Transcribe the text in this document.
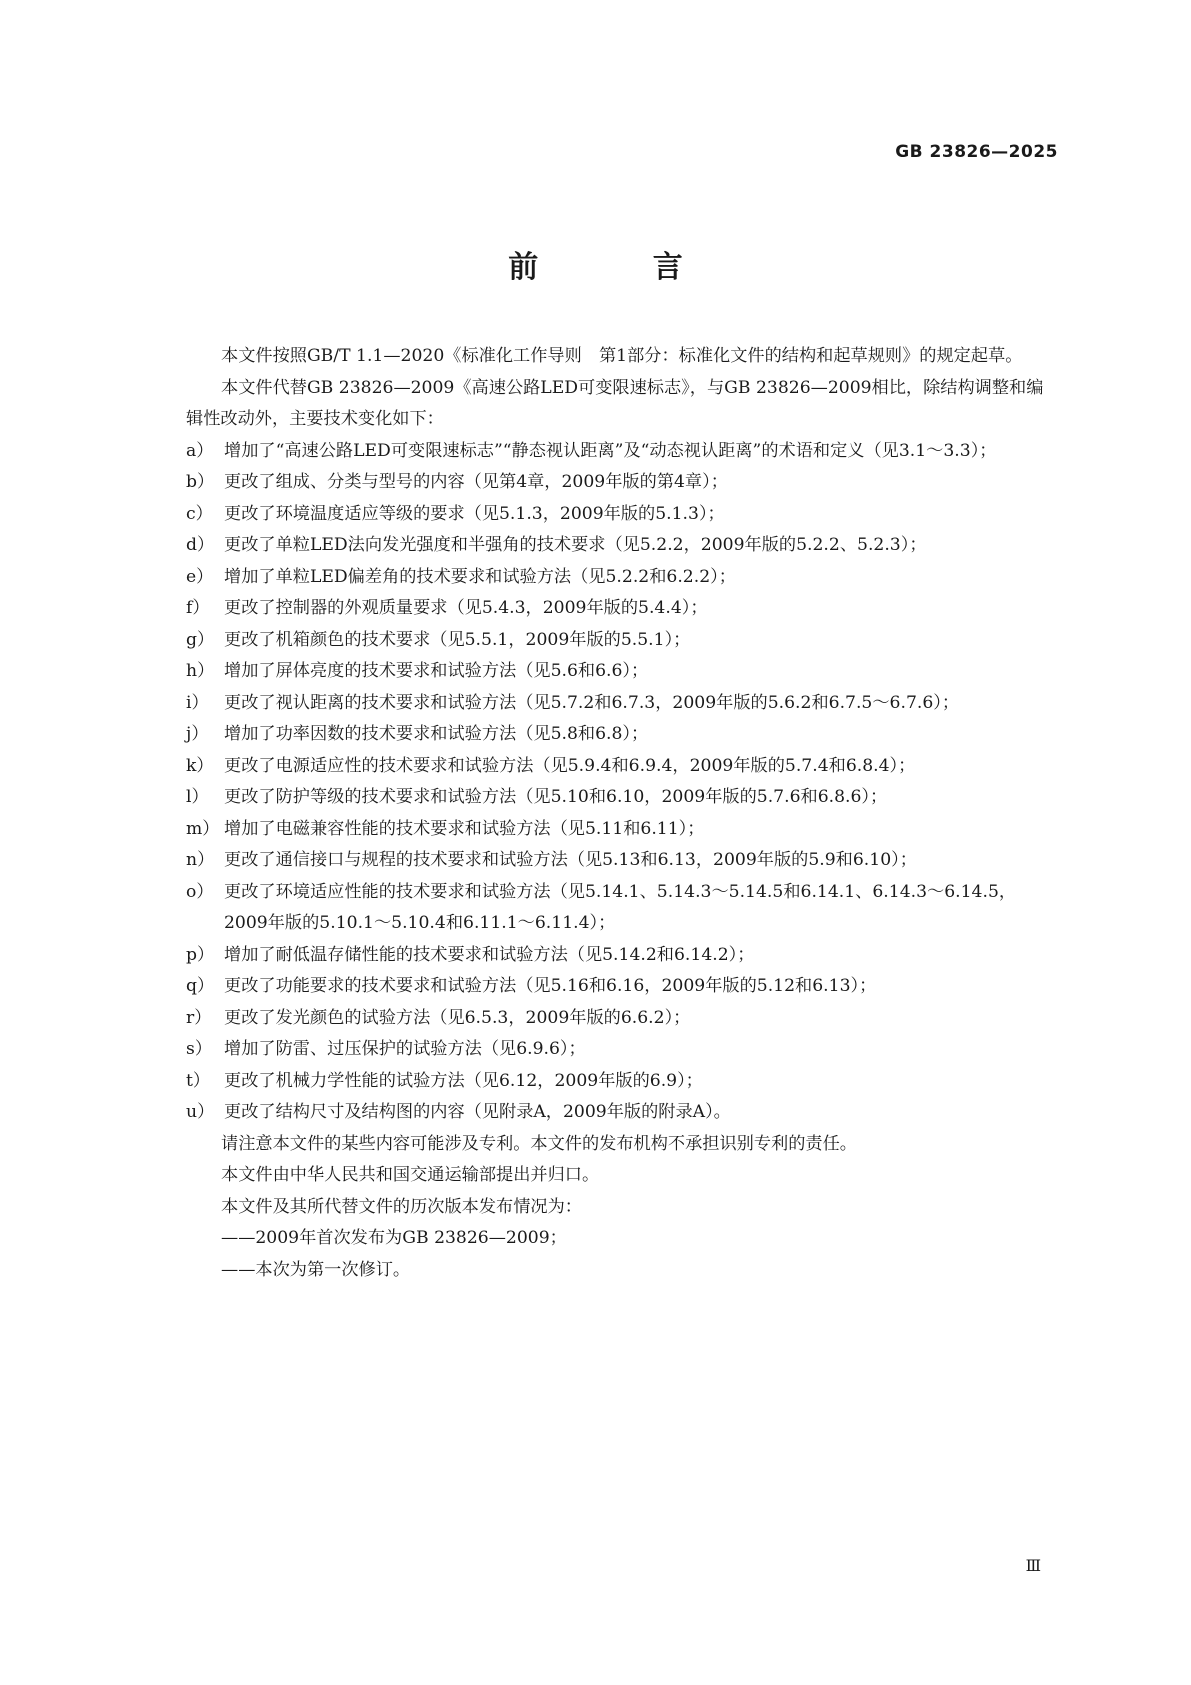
GB 23826—2025
前 言

本文件按照GB/T 1.1—2020《标准化工作导则　第1部分：标准化文件的结构和起草规则》的规定起草。

本文件代替GB 23826—2009《高速公路LED可变限速标志》，与GB 23826—2009相比，除结构调整和编辑性改动外，主要技术变化如下：

a） 增加了“高速公路LED可变限速标志”“静态视认距离”及“动态视认距离”的术语和定义（见3.1～3.3）；
b） 更改了组成、分类与型号的内容（见第4章，2009年版的第4章）；
c） 更改了环境温度适应等级的要求（见5.1.3，2009年版的5.1.3）；
d） 更改了单粒LED法向发光强度和半强角的技术要求（见5.2.2，2009年版的5.2.2、5.2.3）；
e） 增加了单粒LED偏差角的技术要求和试验方法（见5.2.2和6.2.2）；
f） 更改了控制器的外观质量要求（见5.4.3，2009年版的5.4.4）；
g） 更改了机箱颜色的技术要求（见5.5.1，2009年版的5.5.1）；
h） 增加了屏体亮度的技术要求和试验方法（见5.6和6.6）；
i） 更改了视认距离的技术要求和试验方法（见5.7.2和6.7.3，2009年版的5.6.2和6.7.5～6.7.6）；
j） 增加了功率因数的技术要求和试验方法（见5.8和6.8）；
k） 更改了电源适应性的技术要求和试验方法（见5.9.4和6.9.4，2009年版的5.7.4和6.8.4）；
l） 更改了防护等级的技术要求和试验方法（见5.10和6.10，2009年版的5.7.6和6.8.6）；
m） 增加了电磁兼容性能的技术要求和试验方法（见5.11和6.11）；
n） 更改了通信接口与规程的技术要求和试验方法（见5.13和6.13，2009年版的5.9和6.10）；
o） 更改了环境适应性能的技术要求和试验方法（见5.14.1、5.14.3～5.14.5和6.14.1、6.14.3～6.14.5，2009年版的5.10.1～5.10.4和6.11.1～6.11.4）；
p） 增加了耐低温存储性能的技术要求和试验方法（见5.14.2和6.14.2）；
q） 更改了功能要求的技术要求和试验方法（见5.16和6.16，2009年版的5.12和6.13）；
r） 更改了发光颜色的试验方法（见6.5.3，2009年版的6.6.2）；
s） 增加了防雷、过压保护的试验方法（见6.9.6）；
t） 更改了机械力学性能的试验方法（见6.12，2009年版的6.9）；
u） 更改了结构尺寸及结构图的内容（见附录A，2009年版的附录A）。

请注意本文件的某些内容可能涉及专利。本文件的发布机构不承担识别专利的责任。

本文件由中华人民共和国交通运输部提出并归口。

本文件及其所代替文件的历次版本发布情况为：

——2009年首次发布为GB 23826—2009；

——本次为第一次修订。

Ⅲ
